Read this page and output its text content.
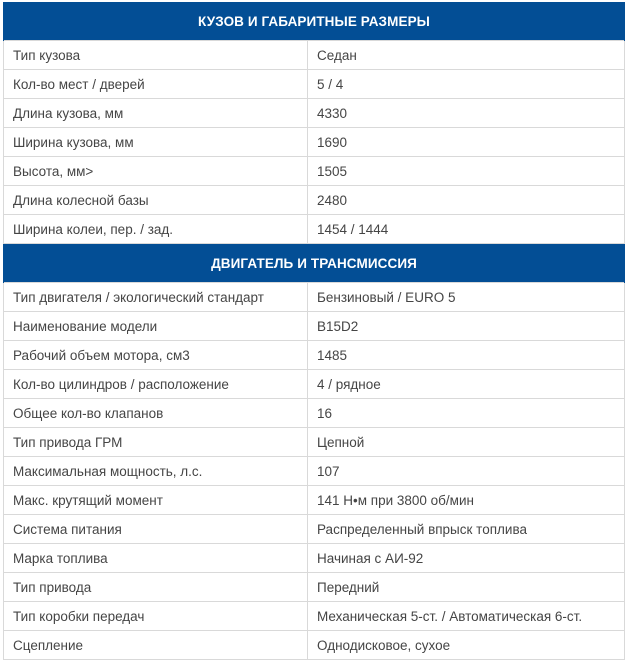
КУЗОВ И ГАБАРИТНЫЕ РАЗМЕРЫ	
Тип кузова	Седан
Кол-во мест / дверей	5 / 4
Длина кузова, мм	4330
Ширина кузова, мм	1690
Высота, мм>	1505
Длина колесной базы	2480
Ширина колеи, пер. / зад.	1454 / 1444
ДВИГАТЕЛЬ И ТРАНСМИССИЯ	
Тип двигателя / экологический стандарт	Бензиновый / EURO 5
Наименование модели	B15D2
Рабочий объем мотора, см3	1485
Кол-во цилиндров / расположение	4 / рядное
Общее кол-во клапанов	16
Тип привода ГРМ	Цепной
Максимальная мощность, л.с.	107
Макс. крутящий момент	141 Н•м при 3800 об/мин
Система питания	Распределенный впрыск топлива
Марка топлива	Начиная с АИ-92
Тип привода	Передний
Тип коробки передач	Механическая 5-ст. / Автоматическая 6-ст.
Сцепление	Однодисковое, сухое
